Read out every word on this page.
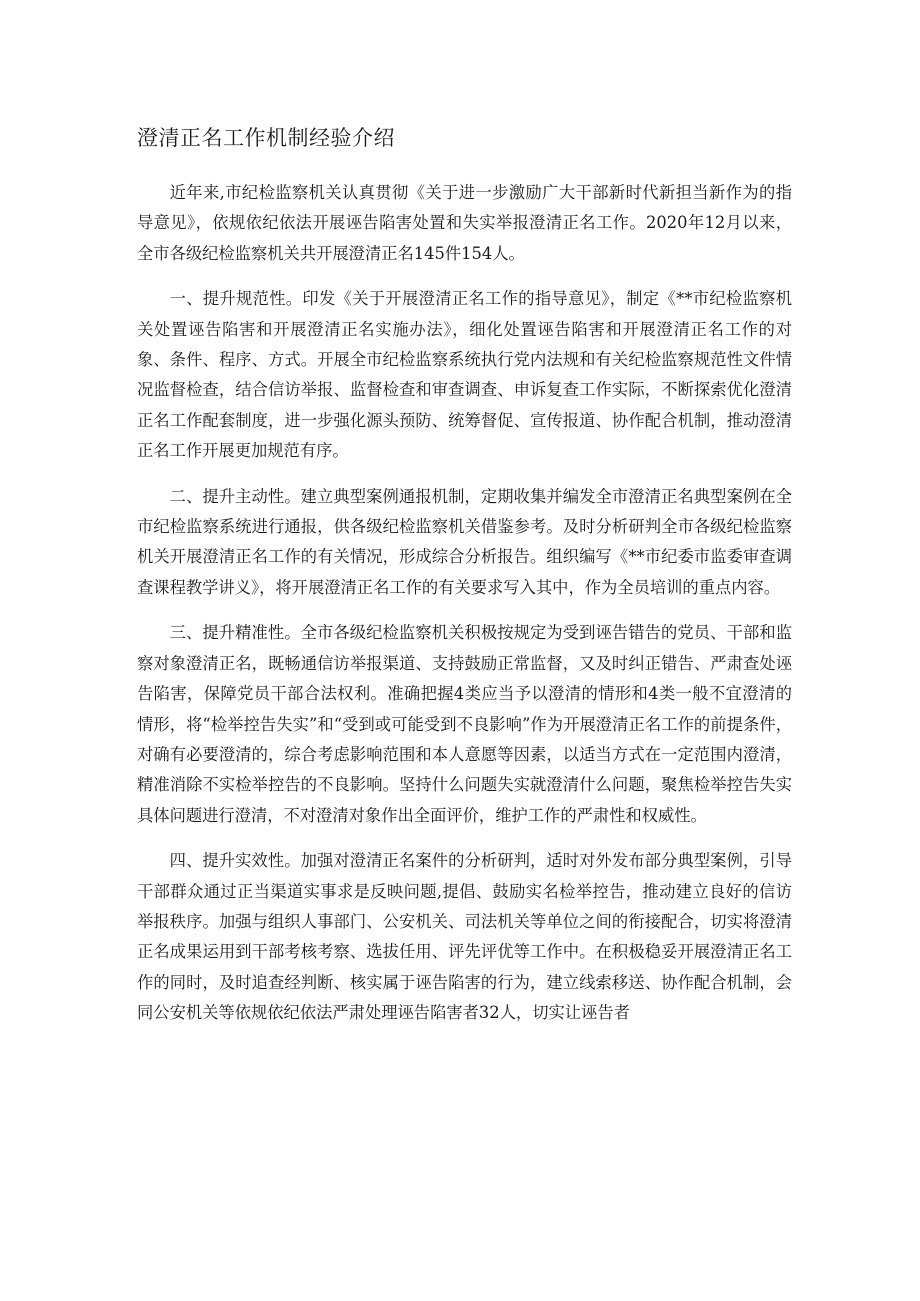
澄清正名工作机制经验介绍

近年来,市纪检监察机关认真贯彻《关于进一步激励广大干部新时代新担当新作为的指导意见》，依规依纪依法开展诬告陷害处置和失实举报澄清正名工作。2020年12月以来，全市各级纪检监察机关共开展澄清正名145件154人。

一、提升规范性。印发《关于开展澄清正名工作的指导意见》，制定《**市纪检监察机关处置诬告陷害和开展澄清正名实施办法》，细化处置诬告陷害和开展澄清正名工作的对象、条件、程序、方式。开展全市纪检监察系统执行党内法规和有关纪检监察规范性文件情况监督检查，结合信访举报、监督检查和审查调查、申诉复查工作实际，不断探索优化澄清正名工作配套制度，进一步强化源头预防、统筹督促、宣传报道、协作配合机制，推动澄清正名工作开展更加规范有序。

二、提升主动性。建立典型案例通报机制，定期收集并编发全市澄清正名典型案例在全市纪检监察系统进行通报，供各级纪检监察机关借鉴参考。及时分析研判全市各级纪检监察机关开展澄清正名工作的有关情况，形成综合分析报告。组织编写《**市纪委市监委审查调查课程教学讲义》，将开展澄清正名工作的有关要求写入其中，作为全员培训的重点内容。

三、提升精准性。全市各级纪检监察机关积极按规定为受到诬告错告的党员、干部和监察对象澄清正名，既畅通信访举报渠道、支持鼓励正常监督，又及时纠正错告、严肃查处诬告陷害，保障党员干部合法权利。准确把握4类应当予以澄清的情形和4类一般不宜澄清的情形，将“检举控告失实”和“受到或可能受到不良影响”作为开展澄清正名工作的前提条件，对确有必要澄清的，综合考虑影响范围和本人意愿等因素，以适当方式在一定范围内澄清，精准消除不实检举控告的不良影响。坚持什么问题失实就澄清什么问题，聚焦检举控告失实具体问题进行澄清，不对澄清对象作出全面评价，维护工作的严肃性和权威性。

四、提升实效性。加强对澄清正名案件的分析研判，适时对外发布部分典型案例，引导干部群众通过正当渠道实事求是反映问题,提倡、鼓励实名检举控告，推动建立良好的信访举报秩序。加强与组织人事部门、公安机关、司法机关等单位之间的衔接配合，切实将澄清正名成果运用到干部考核考察、选拔任用、评先评优等工作中。在积极稳妥开展澄清正名工作的同时，及时追查经判断、核实属于诬告陷害的行为，建立线索移送、协作配合机制，会同公安机关等依规依纪依法严肃处理诬告陷害者32人，切实让诬告者
